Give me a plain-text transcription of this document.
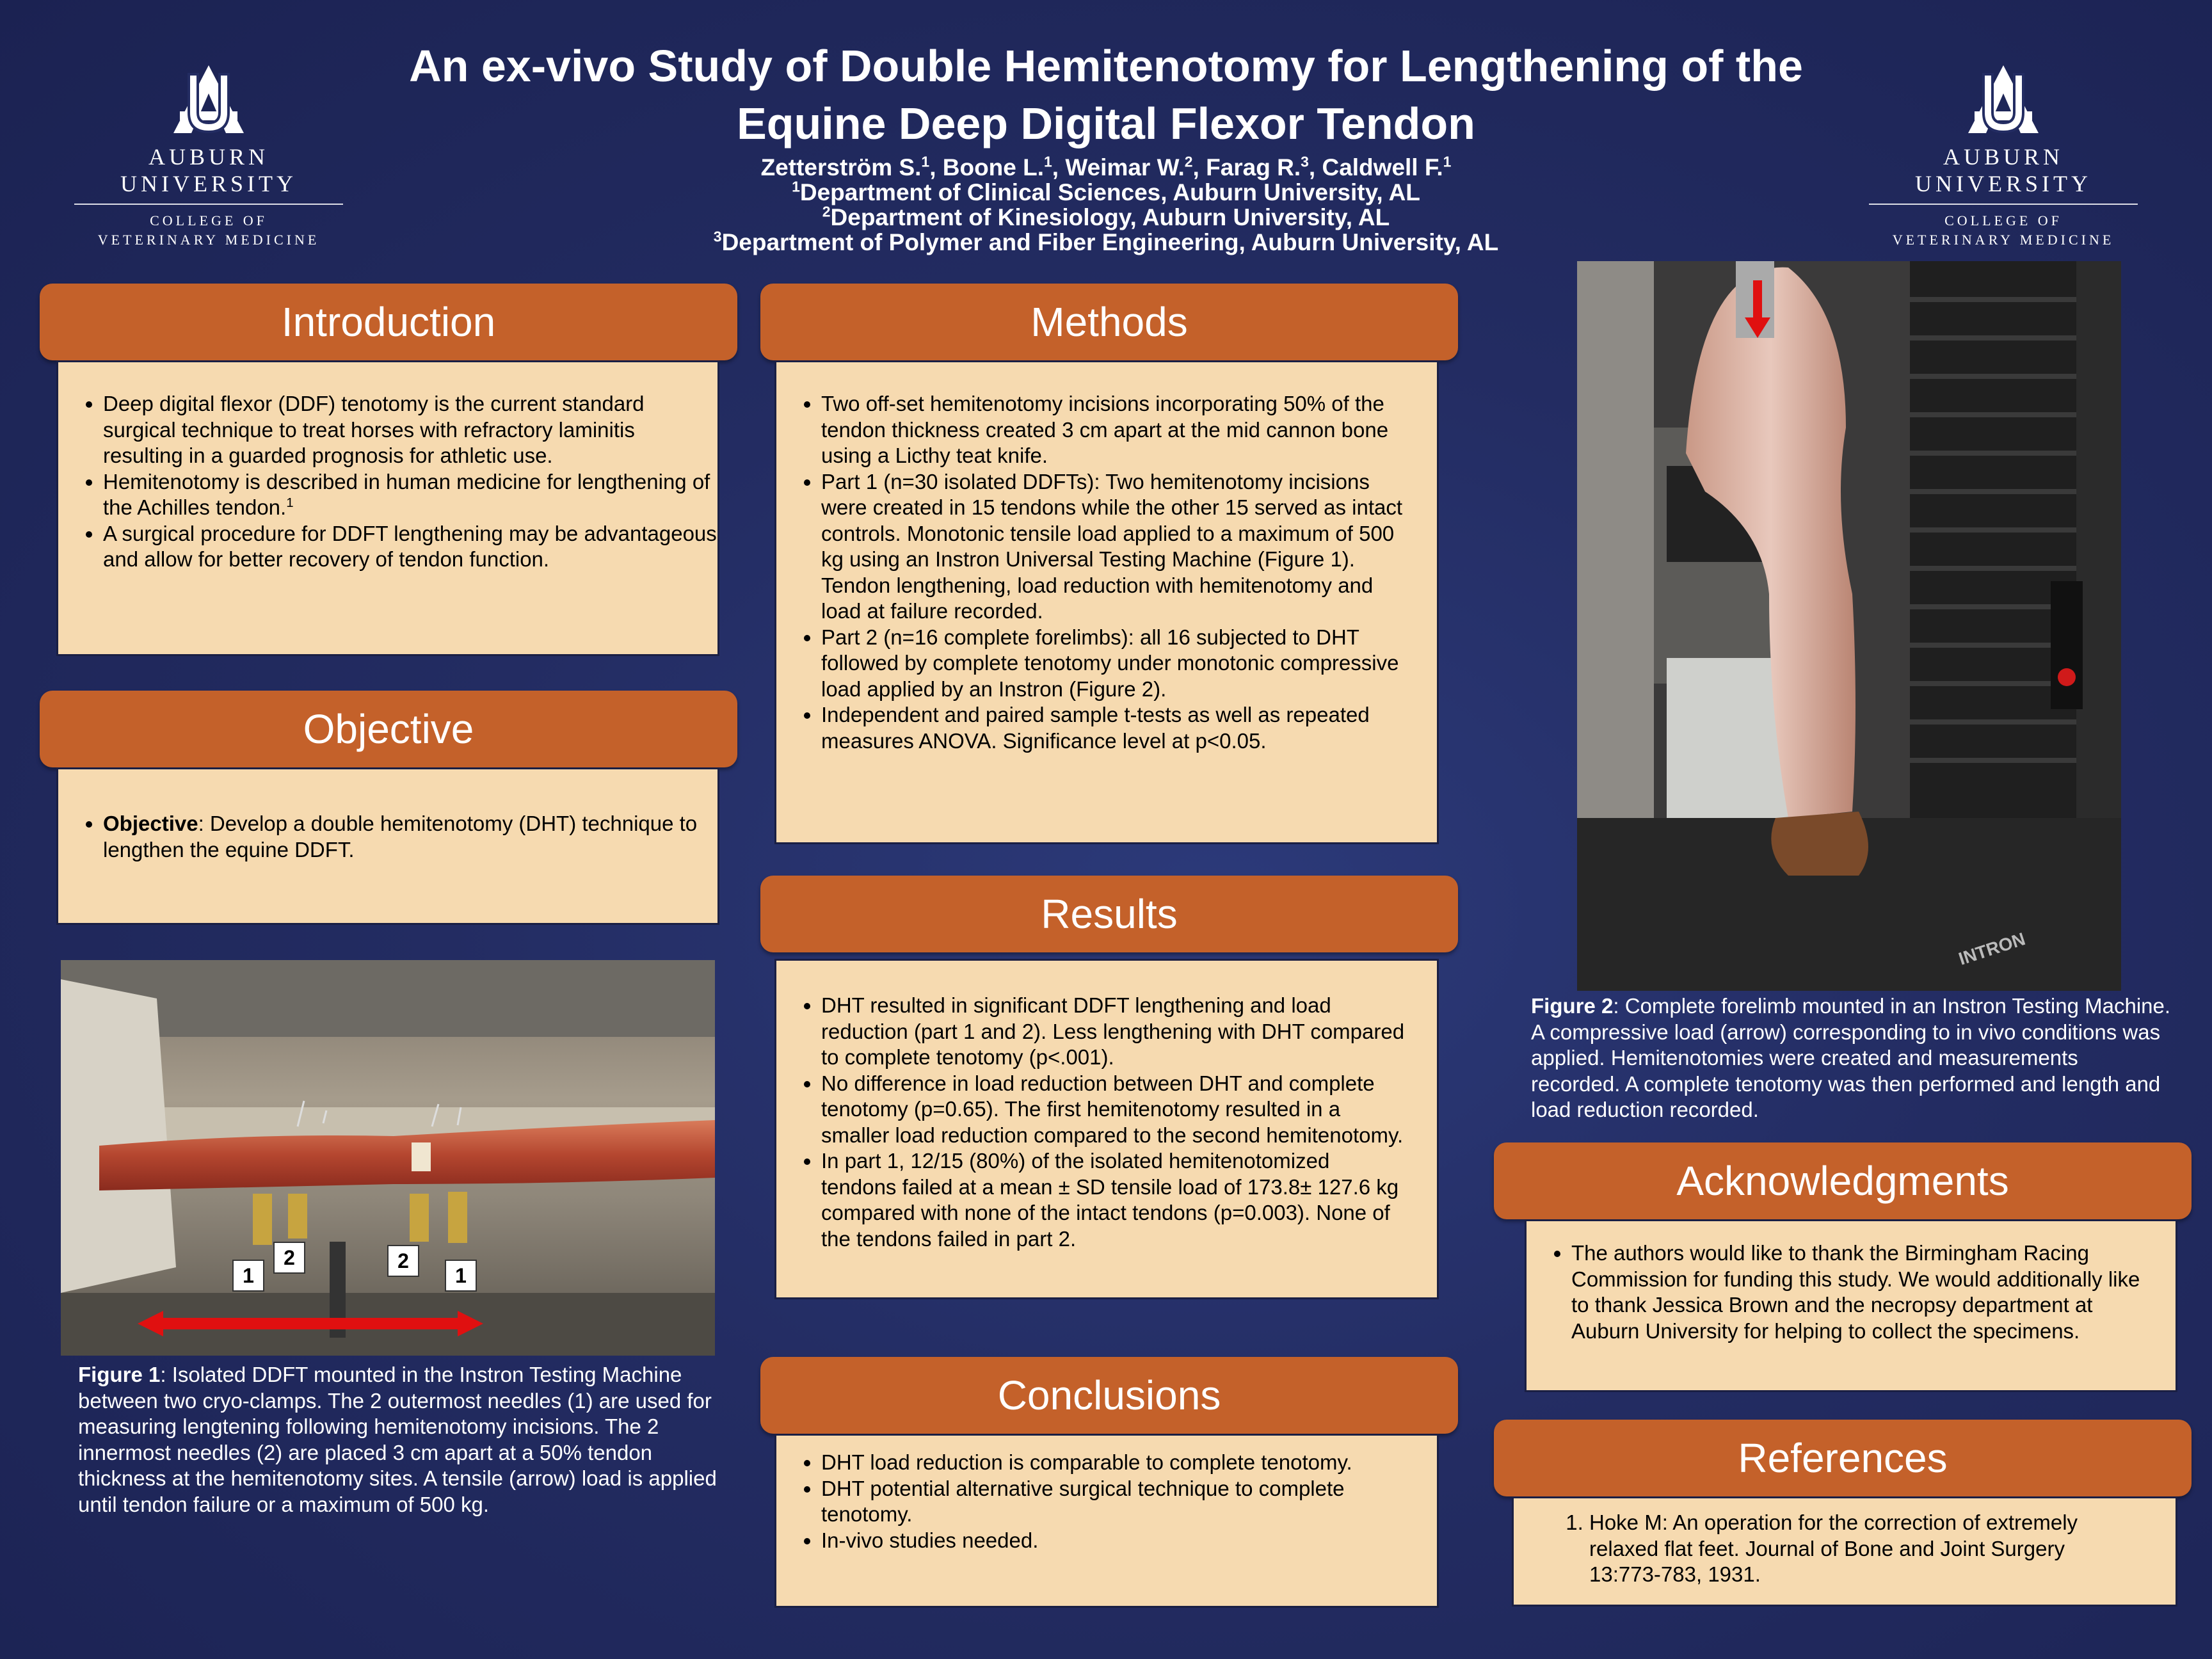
AUBURN UNIVERSITY
COLLEGE OF
VETERINARY MEDICINE
AUBURN UNIVERSITY
COLLEGE OF
VETERINARY MEDICINE
An ex-vivo Study of Double Hemitenotomy for Lengthening of the
Equine Deep Digital Flexor Tendon
Zetterström S.$^1$, Boone L.$^1$, Weimar W.$^2$, Farag R.$^3$, Caldwell F.$^1$
$^1$Department of Clinical Sciences, Auburn University, AL
$^2$Department of Kinesiology, Auburn University, AL
$^3$Department of Polymer and Fiber Engineering, Auburn University, AL
Introduction
• Deep digital flexor (DDF) tenotomy is the current standard surgical technique to treat horses with refractory laminitis resulting in a guarded prognosis for athletic use.
• Hemitenotomy is described in human medicine for lengthening of the Achilles tendon.$^1$
• A surgical procedure for DDFT lengthening may be advantageous and allow for better recovery of tendon function.
Objective
• Objective: Develop a double hemitenotomy (DHT) technique to lengthen the equine DDFT.
1
2	2
1
Figure 1: Isolated DDFT mounted in the Instron Testing Machine between two cryo-clamps. The 2 outermost needles (1) are used for measuring lengtening following hemitenotomy incisions. The 2 innermost needles (2) are placed 3 cm apart at a 50% tendon thickness at the hemitenotomy sites. A tensile (arrow) load is applied until tendon failure or a maximum of 500 kg.
Methods
• Two off-set hemitenotomy incisions incorporating 50% of the tendon thickness created 3 cm apart at the mid cannon bone using a Licthy teat knife.
• Part 1 (n=30 isolated DDFTs): Two hemitenotomy incisions were created in 15 tendons while the other 15 served as intact controls. Monotonic tensile load applied to a maximum of 500 kg using an Instron Universal Testing Machine (Figure 1). Tendon lengthening, load reduction with hemitenotomy and load at failure recorded.
• Part 2 (n=16 complete forelimbs): all 16 subjected to DHT followed by complete tenotomy under monotonic compressive load applied by an Instron (Figure 2).
• Independent and paired sample t-tests as well as repeated measures ANOVA. Significance level at p<0.05.
Results
• DHT resulted in significant DDFT lengthening and load reduction (part 1 and 2). Less lengthening with DHT compared to complete tenotomy (p<.001).
• No difference in load reduction between DHT and complete tenotomy (p=0.65). The first hemitenotomy resulted in a smaller load reduction compared to the second hemitenotomy.
• In part 1, 12/15 (80%) of the isolated hemitenotomized tendons failed at a mean ± SD tensile load of 173.8± 127.6 kg compared with none of the intact tendons (p=0.003). None of the tendons failed in part 2.
Conclusions
• DHT load reduction is comparable to complete tenotomy.
• DHT potential alternative surgical technique to complete tenotomy.
• In-vivo studies needed.
INTRON
Figure 2: Complete forelimb mounted in an Instron Testing Machine. A compressive load (arrow) corresponding to in vivo conditions was applied. Hemitenotomies were created and measurements recorded. A complete tenotomy was then performed and length and load reduction recorded.
Acknowledgments
• The authors would like to thank the Birmingham Racing Commission for funding this study. We would additionally like to thank Jessica Brown and the necropsy department at Auburn University for helping to collect the specimens.
References
1. Hoke M: An operation for the correction of extremely relaxed flat feet. Journal of Bone and Joint Surgery 13:773-783, 1931.
